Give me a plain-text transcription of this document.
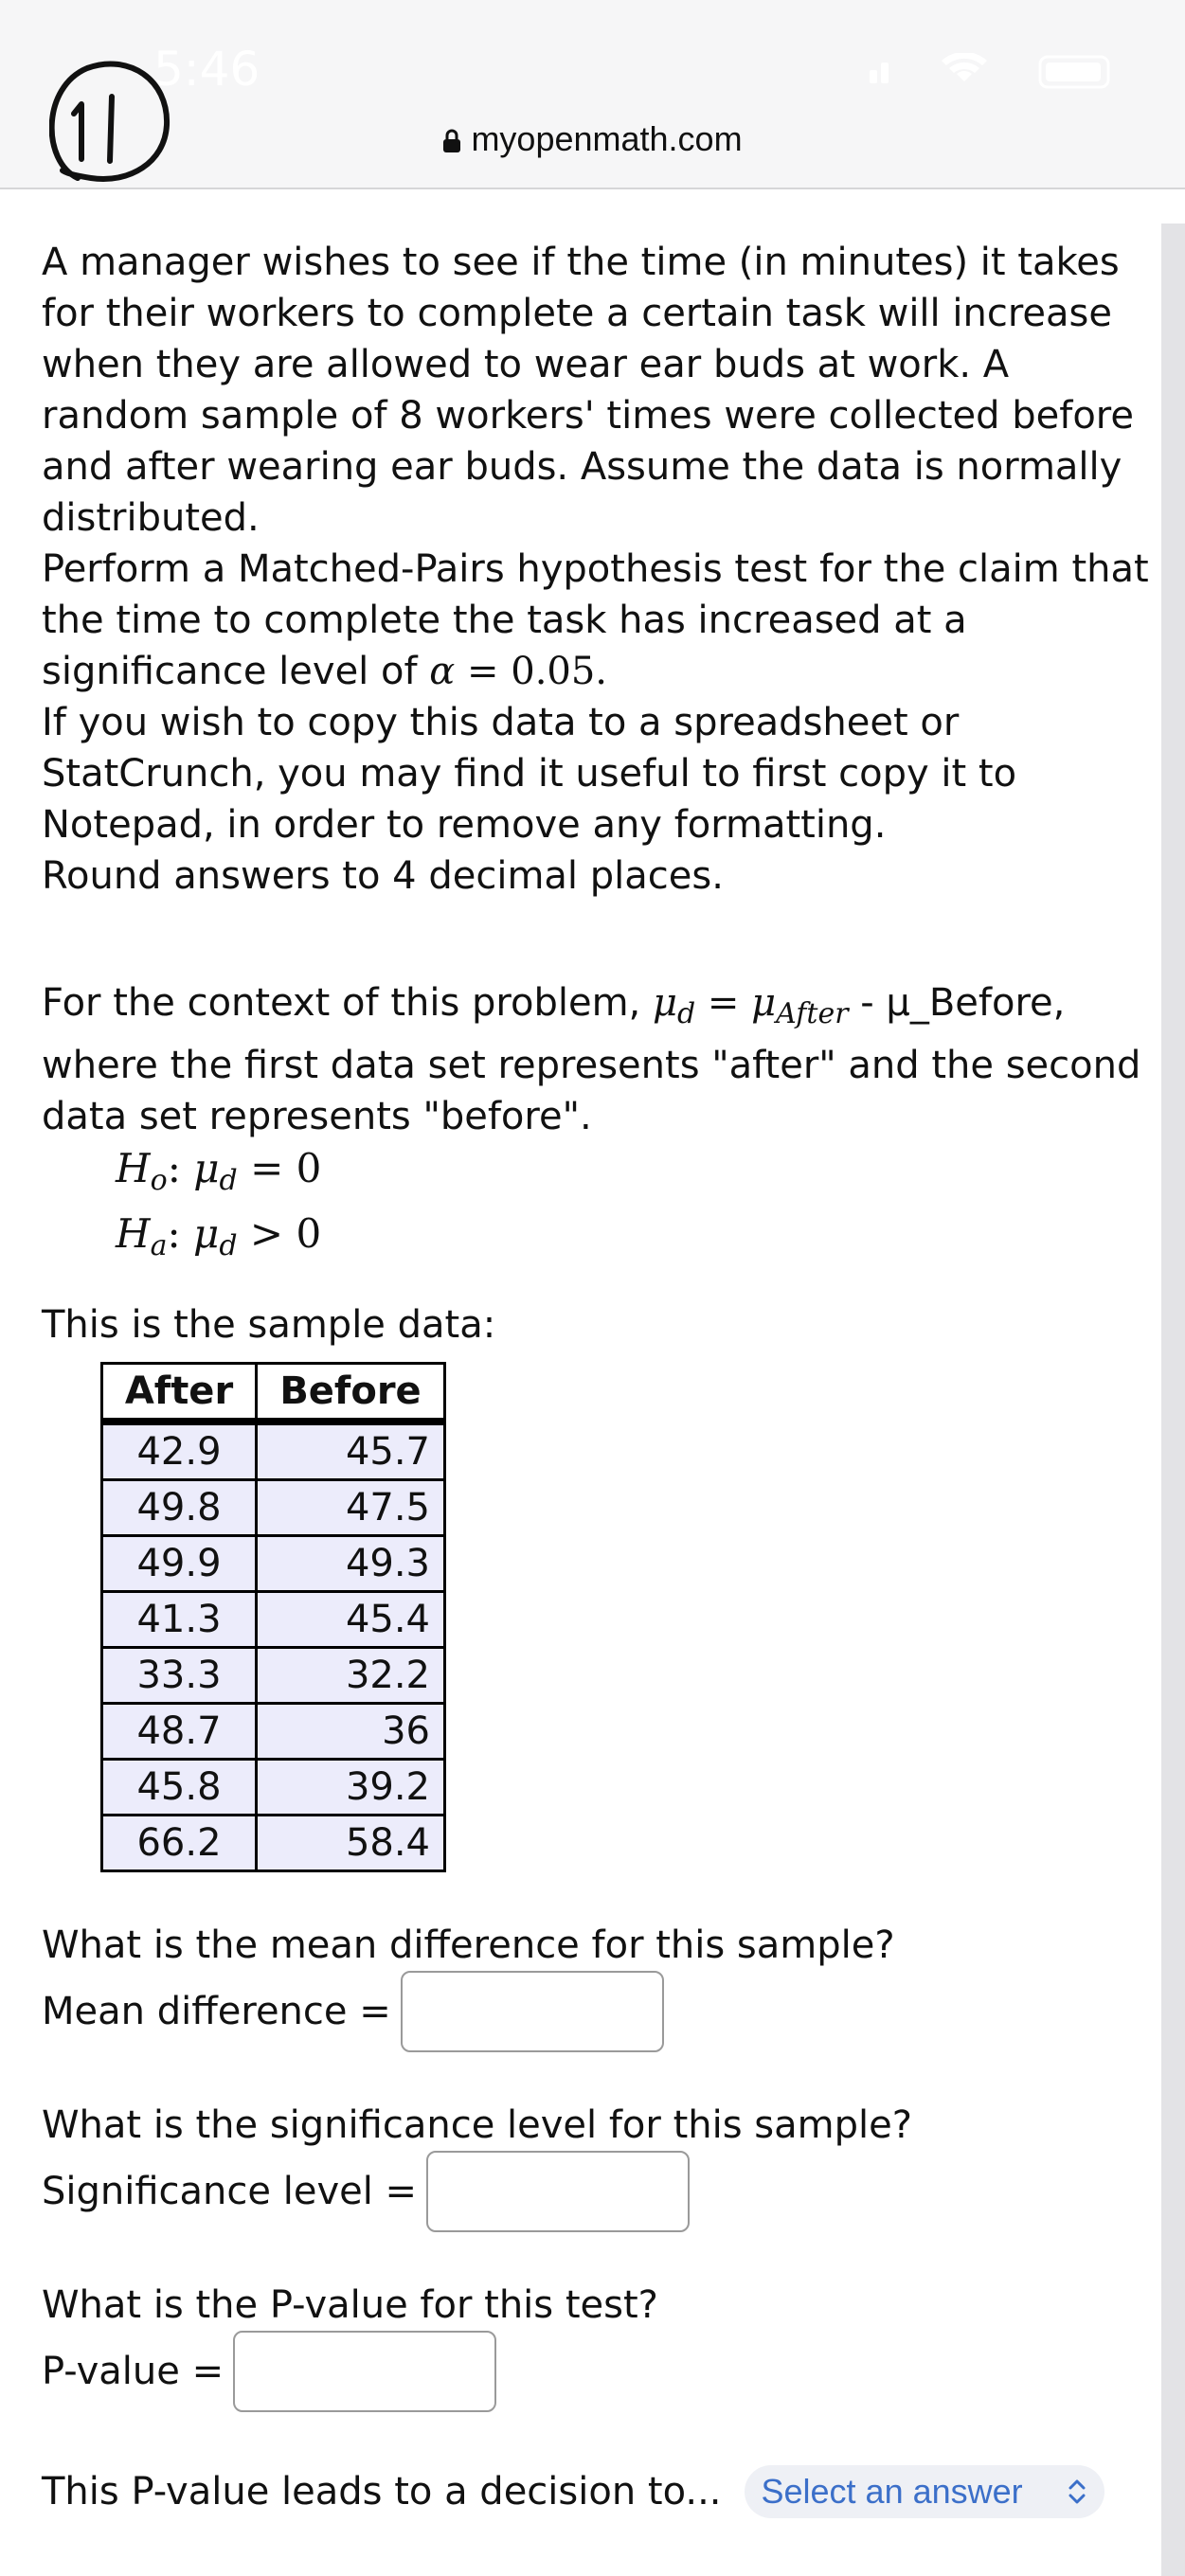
5:46
myopenmath.com

A manager wishes to see if the time (in minutes) it takes for their workers to complete a certain task will increase when they are allowed to wear ear buds at work. A random sample of 8 workers' times were collected before and after wearing ear buds. Assume the data is normally distributed.

Perform a Matched-Pairs hypothesis test for the claim that the time to complete the task has increased at a significance level of α = 0.05.

If you wish to copy this data to a spreadsheet or StatCrunch, you may find it useful to first copy it to Notepad, in order to remove any formatting.

Round answers to 4 decimal places.

For the context of this problem, $\mu_d = \mu_{After}$ - μ_Before, where the first data set represents "after" and the second data set represents "before".

$H_o$: $\mu_d = 0$
$H_a$: $\mu_d > 0$

This is the sample data:

After	Before
42.9	45.7
49.8	47.5
49.9	49.3
41.3	45.4
33.3	32.2
48.7	36
45.8	39.2
66.2	58.4

What is the mean difference for this sample?

Mean difference =

What is the significance level for this sample?

Significance level =

What is the P-value for this test?

P-value =
This P-value leads to a decision to... Select an answer
